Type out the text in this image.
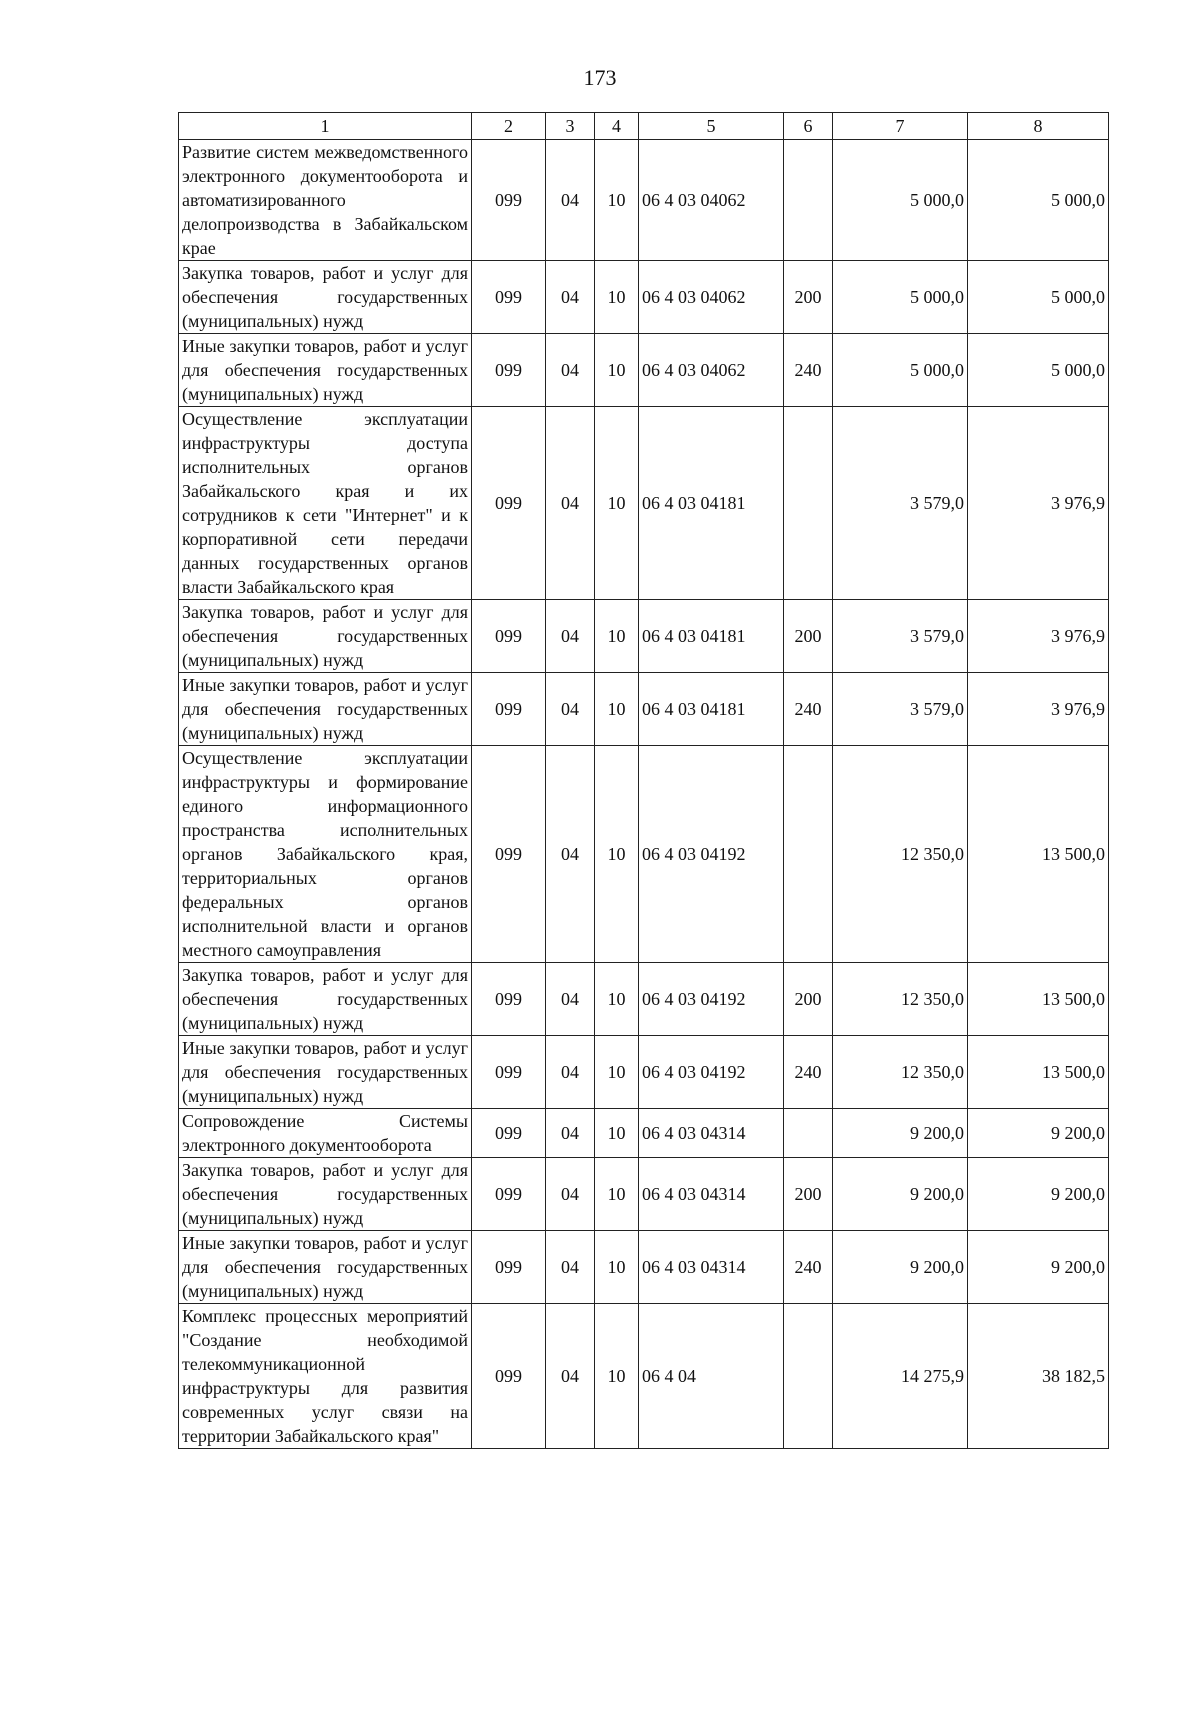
173
1	2	3	4	5	6	7	8
Развитие систем межведомственного электронного документооборота и автоматизированного делопроизводства в Забайкальском крае	099	04	10	06 4 03 04062		5 000,0	5 000,0
Закупка товаров, работ и услуг для обеспечения государственных (муниципальных) нужд	099	04	10	06 4 03 04062	200	5 000,0	5 000,0
Иные закупки товаров, работ и услуг для обеспечения государственных (муниципальных) нужд	099	04	10	06 4 03 04062	240	5 000,0	5 000,0
Осуществление эксплуатации инфраструктуры доступа исполнительных органов Забайкальского края и их сотрудников к сети "Интернет" и к корпоративной сети передачи данных государственных органов власти Забайкальского края	099	04	10	06 4 03 04181		3 579,0	3 976,9
Закупка товаров, работ и услуг для обеспечения государственных (муниципальных) нужд	099	04	10	06 4 03 04181	200	3 579,0	3 976,9
Иные закупки товаров, работ и услуг для обеспечения государственных (муниципальных) нужд	099	04	10	06 4 03 04181	240	3 579,0	3 976,9
Осуществление эксплуатации инфраструктуры и формирование единого информационного пространства исполнительных органов Забайкальского края, территориальных органов федеральных органов исполнительной власти и органов местного самоуправления	099	04	10	06 4 03 04192		12 350,0	13 500,0
Закупка товаров, работ и услуг для обеспечения государственных (муниципальных) нужд	099	04	10	06 4 03 04192	200	12 350,0	13 500,0
Иные закупки товаров, работ и услуг для обеспечения государственных (муниципальных) нужд	099	04	10	06 4 03 04192	240	12 350,0	13 500,0
Сопровождение Системы электронного документооборота	099	04	10	06 4 03 04314		9 200,0	9 200,0
Закупка товаров, работ и услуг для обеспечения государственных (муниципальных) нужд	099	04	10	06 4 03 04314	200	9 200,0	9 200,0
Иные закупки товаров, работ и услуг для обеспечения государственных (муниципальных) нужд	099	04	10	06 4 03 04314	240	9 200,0	9 200,0
Комплекс процессных мероприятий "Создание необходимой телекоммуникационной инфраструктуры для развития современных услуг связи на территории Забайкальского края"	099	04	10	06 4 04		14 275,9	38 182,5
